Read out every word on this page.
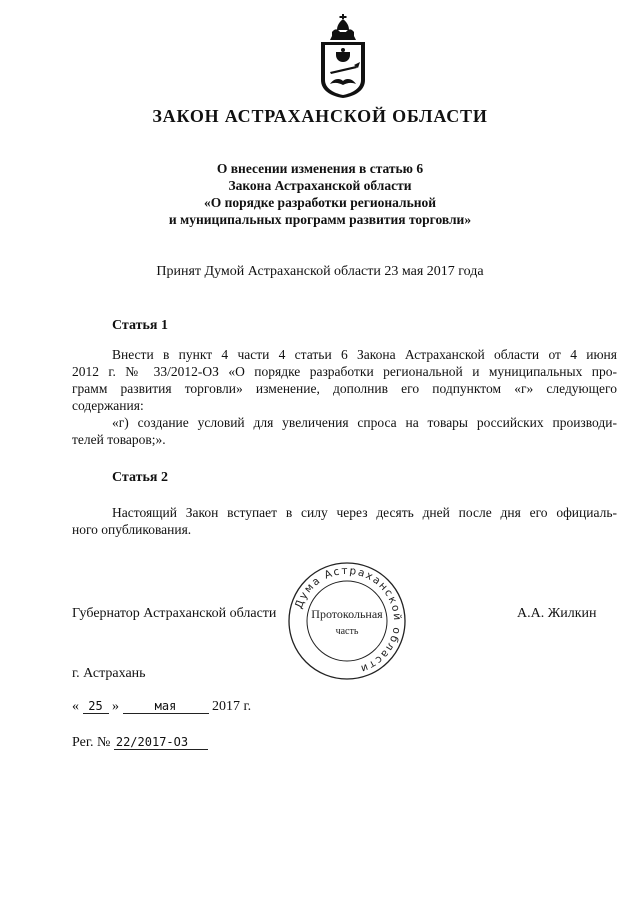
ЗАКОН АСТРАХАНСКОЙ ОБЛАСТИ
О внесении изменения в статью 6
Закона Астраханской области
«О порядке разработки региональной
и муниципальных программ развития торговли»
Принят Думой Астраханской области 23 мая 2017 года
Статья 1
Внести в пункт 4 части 4 статьи 6 Закона Астраханской области от 4 июня
2012 г. № 33/2012-ОЗ «О порядке разработки региональной и муниципальных про-
грамм развития торговли» изменение, дополнив его подпунктом «г» следующего
содержания:
«г) создание условий для увеличения спроса на товары российских производи-
телей товаров;».
Статья 2
Настоящий Закон вступает в силу через десять дней после дня его официаль-
ного опубликования.
Губернатор Астраханской области	А.А. Жилкин
Дума Астраханской области
Протокольная
часть
г. Астрахань
« 25 »	мая	2017 г.
Рег. № 22/2017-ОЗ
